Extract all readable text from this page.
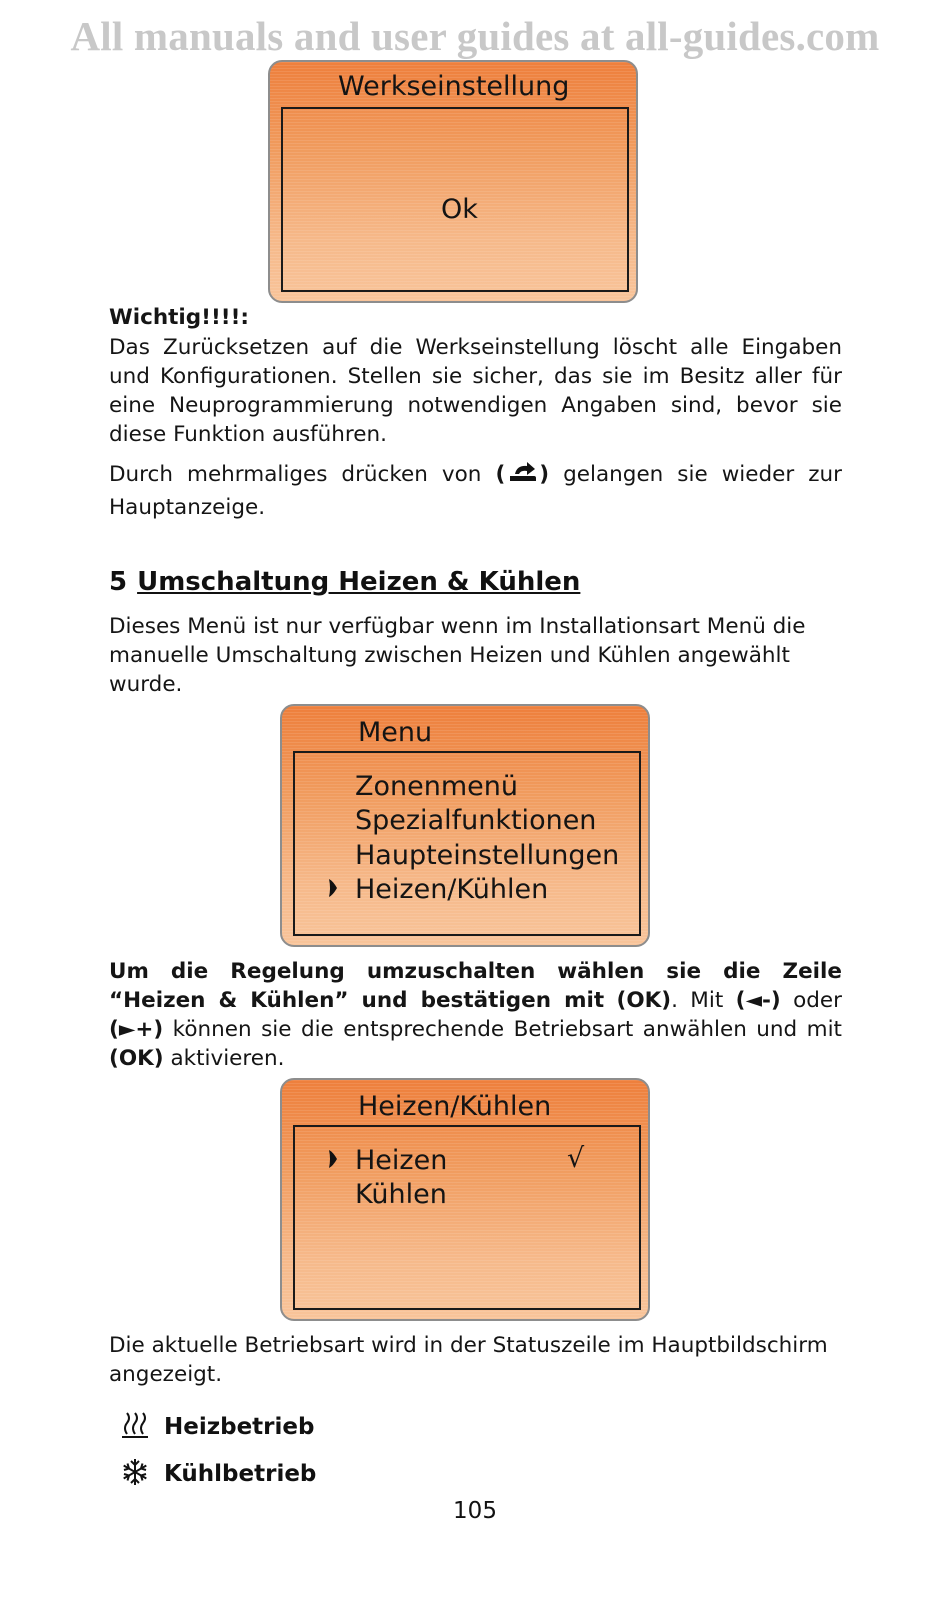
All manuals and user guides at all-guides.com
Werkseinstellung
Ok
Wichtig!!!!:
Das Zurücksetzen auf die Werkseinstellung löscht alle Eingaben und Konfigurationen. Stellen sie sicher, das sie im Besitz aller für eine Neuprogrammierung notwendigen Angaben sind, bevor sie diese Funktion ausführen.
Durch mehrmaliges drücken von ( ) gelangen sie wieder zur Hauptanzeige.
5 Umschaltung Heizen & Kühlen
Dieses Menü ist nur verfügbar wenn im Installationsart Menü die manuelle Umschaltung zwischen Heizen und Kühlen angewählt wurde.
Menu
Zonenmenü
Spezialfunktionen
Haupteinstellungen
Heizen/Kühlen
Um die Regelung umzuschalten wählen sie die Zeile “Heizen & Kühlen” und bestätigen mit (OK). Mit (◄-) oder (►+) können sie die entsprechende Betriebsart anwählen und mit (OK) aktivieren.
Heizen/Kühlen
Heizen	√
Kühlen
Die aktuelle Betriebsart wird in der Statuszeile im Hauptbildschirm angezeigt.
Heizbetrieb
Kühlbetrieb
105
